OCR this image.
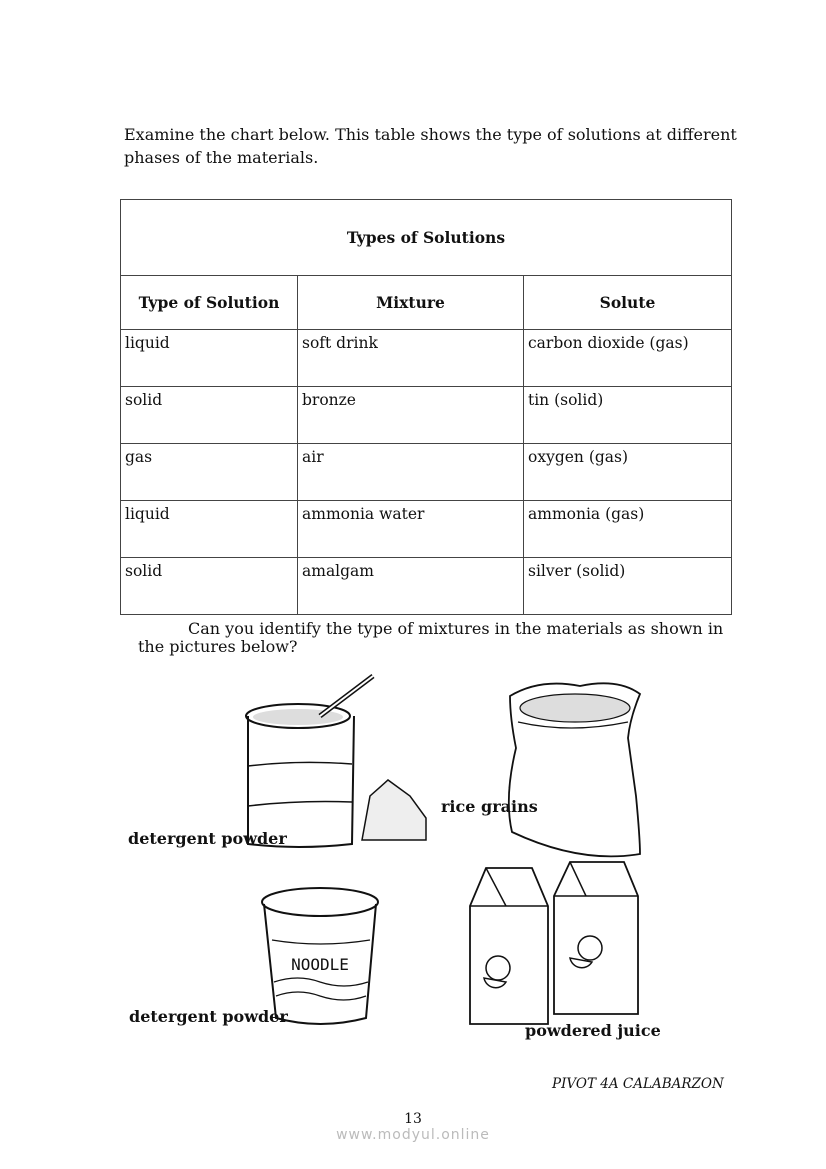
Examine the chart below. This table shows the type of solutions at different phases of the materials.
Types of Solutions		
Type of Solution	Mixture	Solute
liquid	soft drink	carbon dioxide (gas)
solid	bronze	tin (solid)
gas	air	oxygen (gas)
liquid	ammonia water	ammonia (gas)
solid	amalgam	silver (solid)
Can you identify the type of mixtures in the materials as shown in the pictures below?
NOODLE
detergent powder
rice grains
detergent powder
powdered juice
PIVOT 4A CALABARZON
13
www.modyul.online
